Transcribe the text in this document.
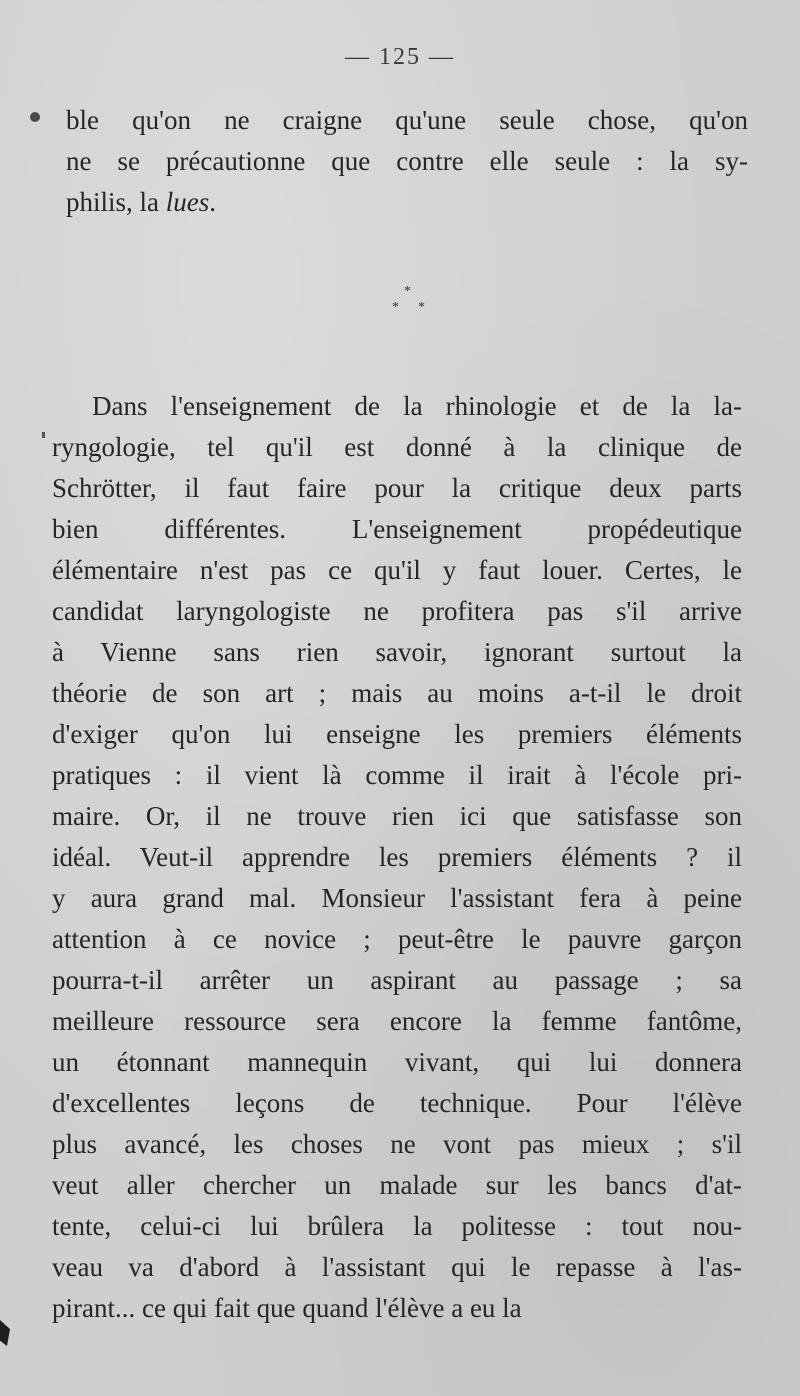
— 125 —
ble qu'on ne craigne qu'une seule chose, qu'on
ne se précautionne que contre elle seule : la sy-
philis, la lues.
*
* *
Dans l'enseignement de la rhinologie et de la la-
ryngologie, tel qu'il est donné à la clinique de
Schrötter, il faut faire pour la critique deux parts
bien différentes. L'enseignement propédeutique
élémentaire n'est pas ce qu'il y faut louer. Certes, le
candidat laryngologiste ne profitera pas s'il arrive
à Vienne sans rien savoir, ignorant surtout la
théorie de son art ; mais au moins a-t-il le droit
d'exiger qu'on lui enseigne les premiers éléments
pratiques : il vient là comme il irait à l'école pri-
maire. Or, il ne trouve rien ici que satisfasse son
idéal. Veut-il apprendre les premiers éléments ? il
y aura grand mal. Monsieur l'assistant fera à peine
attention à ce novice ; peut-être le pauvre garçon
pourra-t-il arrêter un aspirant au passage ; sa
meilleure ressource sera encore la femme fantôme,
un étonnant mannequin vivant, qui lui donnera
d'excellentes leçons de technique. Pour l'élève
plus avancé, les choses ne vont pas mieux ; s'il
veut aller chercher un malade sur les bancs d'at-
tente, celui-ci lui brûlera la politesse : tout nou-
veau va d'abord à l'assistant qui le repasse à l'as-
pirant... ce qui fait que quand l'élève a eu la
